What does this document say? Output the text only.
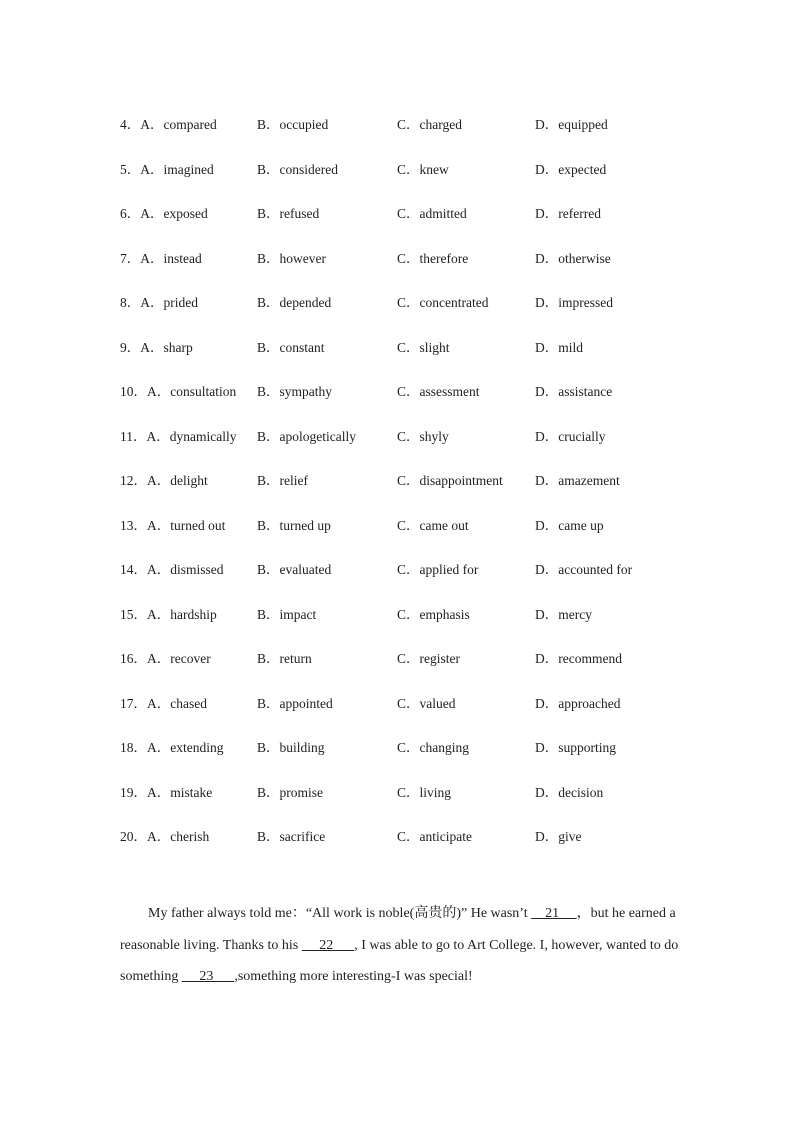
4．A．compared	B．occupied	C．charged	D．equipped
5．A．imagined	B．considered	C．knew	D．expected
6．A．exposed	B．refused	C．admitted	D．referred
7．A．instead	B．however	C．therefore	D．otherwise
8．A．prided	B．depended	C．concentrated	D．impressed
9．A．sharp	B．constant	C．slight	D．mild
10．A．consultation	B．sympathy	C．assessment	D．assistance
11．A．dynamically	B．apologetically	C．shyly	D．crucially
12．A．delight	B．relief	C．disappointment	D．amazement
13．A．turned out	B．turned up	C．came out	D．came up
14．A．dismissed	B．evaluated	C．applied for	D．accounted for
15．A．hardship	B．impact	C．emphasis	D．mercy
16．A．recover	B．return	C．register	D．recommend
17．A．chased	B．appointed	C．valued	D．approached
18．A．extending	B．building	C．changing	D．supporting
19．A．mistake	B．promise	C．living	D．decision
20．A．cherish	B．sacrifice	C．anticipate	D．give

My father always told me：“All work is noble(高贵的)” He wasn’t     21     ，but he earned a reasonable living. Thanks to his      22      , I was able to go to Art College. I, however, wanted to do something      23      ,something more interesting-I was special!
